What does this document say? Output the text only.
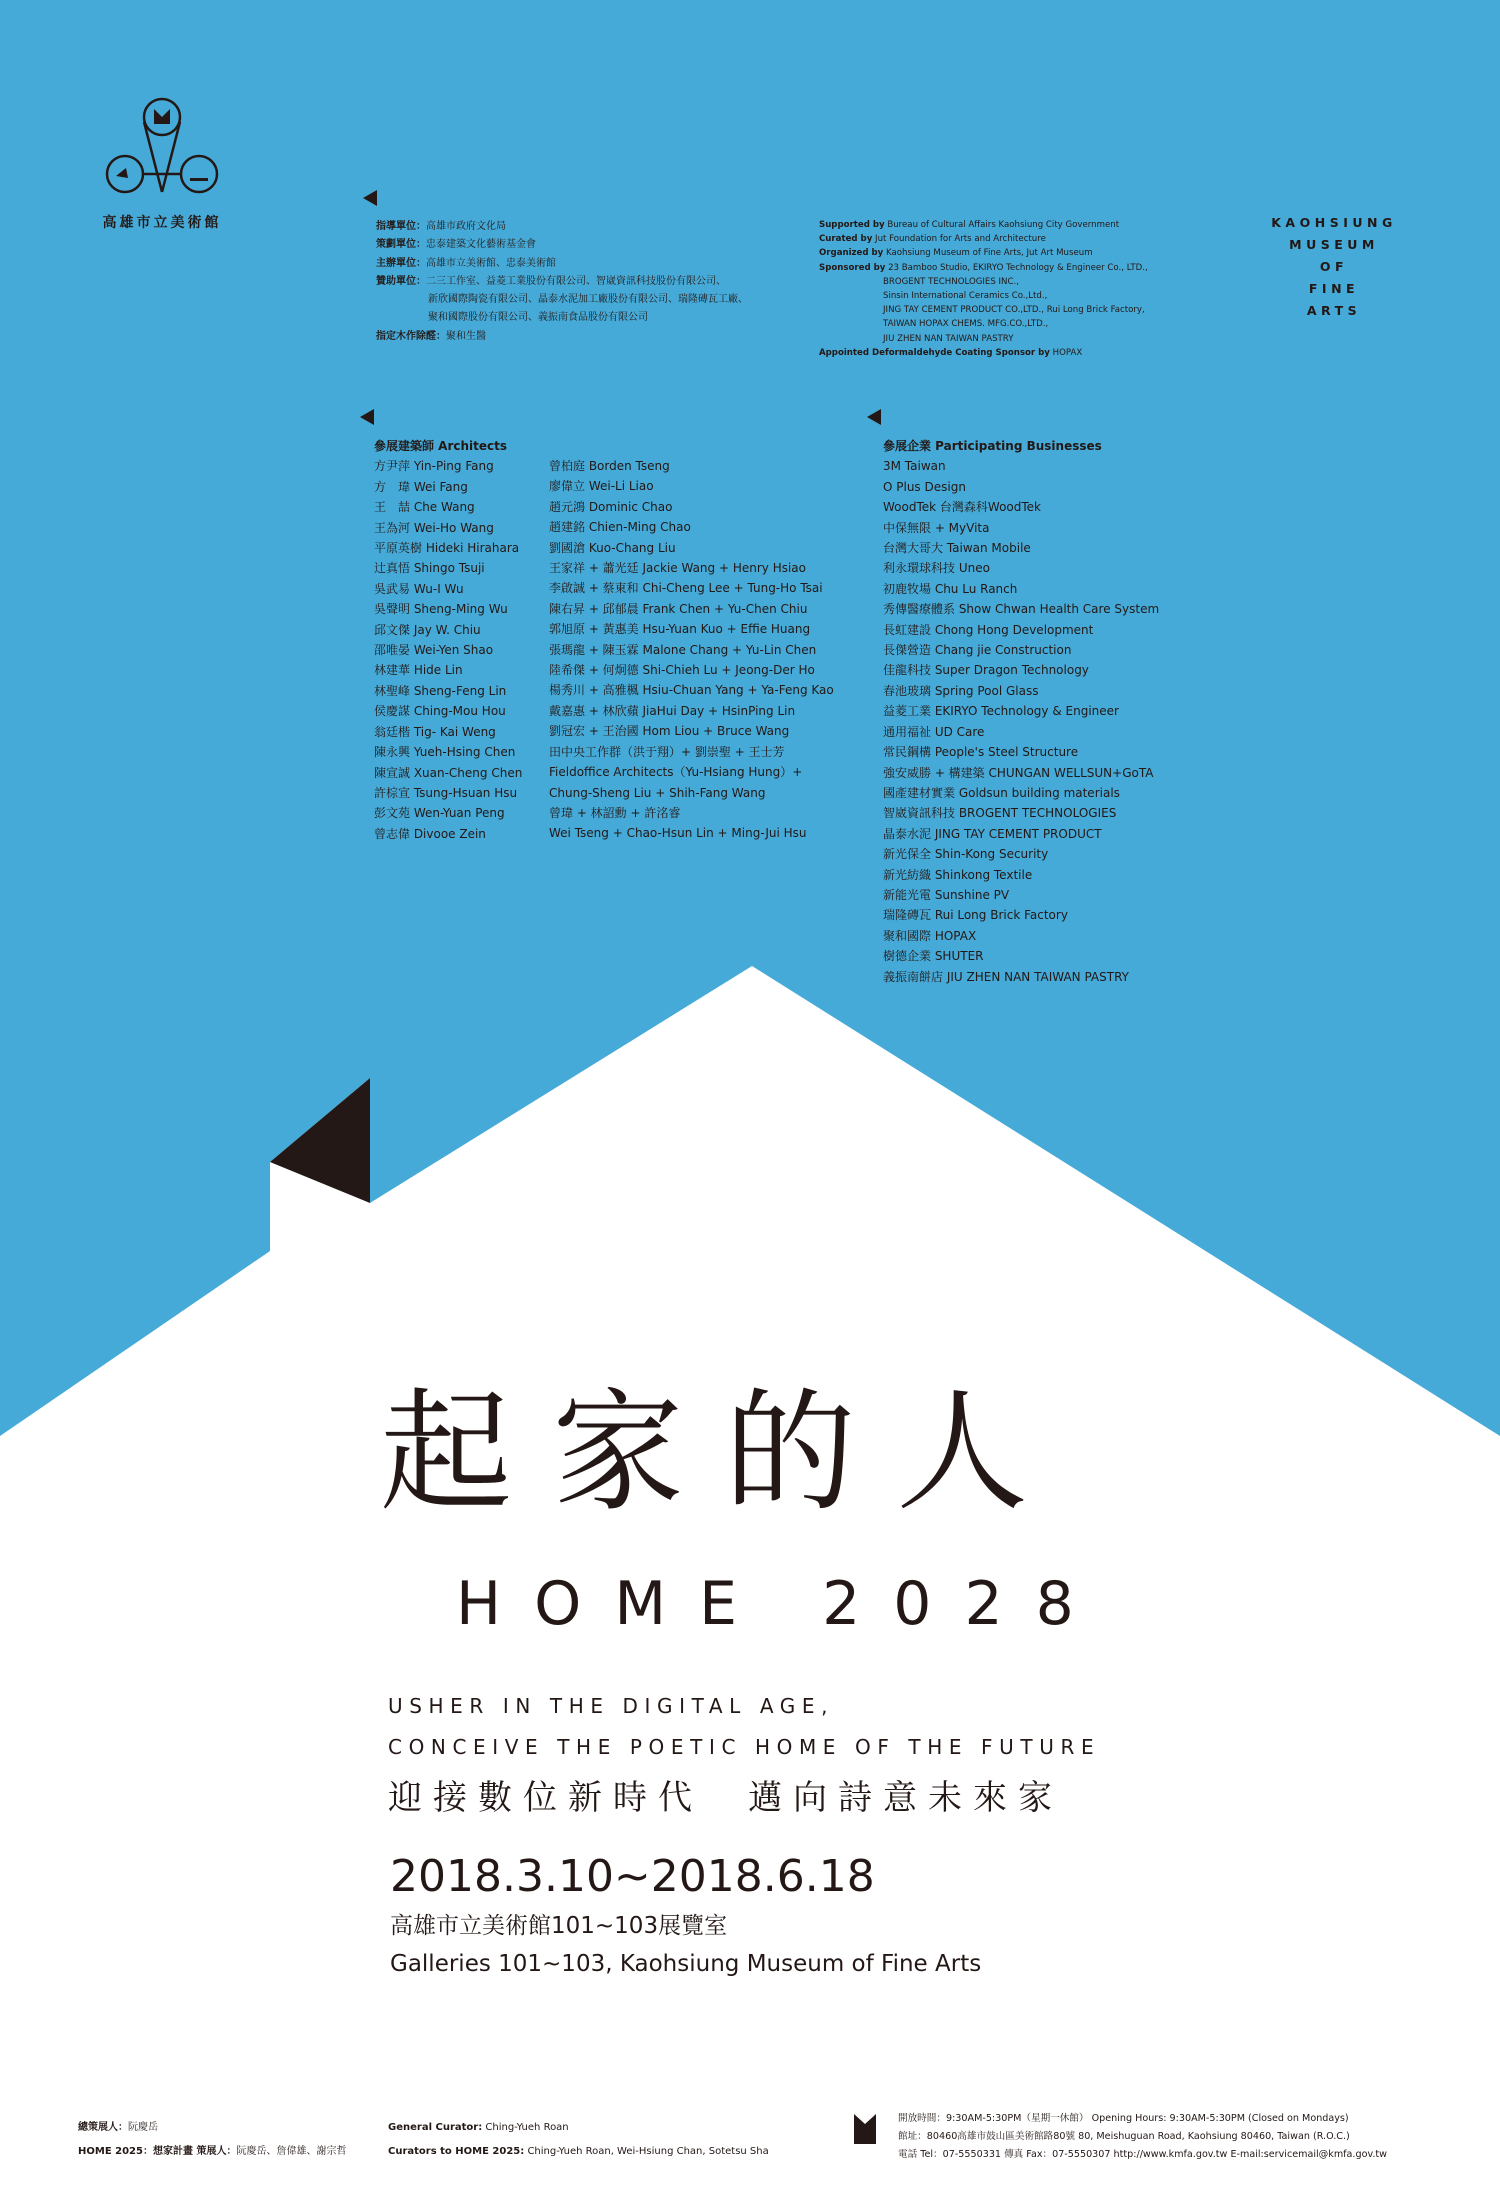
高雄市立美術館	指導單位： 高雄市政府文化局
策劃單位： 忠泰建築文化藝術基金會
主辦單位： 高雄市立美術館、忠泰美術館
贊助單位： 二三工作室、益菱工業股份有限公司、智崴資訊科技股份有限公司、
新欣國際陶瓷有限公司、晶泰水泥加工廠股份有限公司、瑞隆磚瓦工廠、
聚和國際股份有限公司、義振南食品股份有限公司
指定木作除醛： 聚和生醫
Supported by Bureau of Cultural Affairs Kaohsiung City Government
Curated by Jut Foundation for Arts and Architecture
Organized by Kaohsiung Museum of Fine Arts, Jut Art Museum
Sponsored by 23 Bamboo Studio, EKIRYO Technology & Engineer Co., LTD.,
BROGENT TECHNOLOGIES INC.,
Sinsin International Ceramics Co.,Ltd.,
JING TAY CEMENT PRODUCT CO.,LTD., Rui Long Brick Factory,
TAIWAN HOPAX CHEMS. MFG.CO.,LTD.,
JIU ZHEN NAN TAIWAN PASTRY
Appointed Deformaldehyde Coating Sponsor by HOPAX
KAOHSIUNG
MUSEUM
OF
FINE
ARTS
參展建築師 Architects
方尹萍 Yin-Ping Fang
方　瑋 Wei Fang
王　喆 Che Wang
王為河 Wei-Ho Wang
平原英樹 Hideki Hirahara
辻真悟 Shingo Tsuji
吳武易 Wu-I Wu
吳聲明 Sheng-Ming Wu
邱文傑 Jay W. Chiu
邵唯晏 Wei-Yen Shao
林建華 Hide Lin
林聖峰 Sheng-Feng Lin
侯慶謀 Ching-Mou Hou
翁廷楷 Tig- Kai Weng
陳永興 Yueh-Hsing Chen
陳宣誠 Xuan-Cheng Chen
許棕宣 Tsung-Hsuan Hsu
彭文苑 Wen-Yuan Peng
曾志偉 Divooe Zein
曾柏庭 Borden Tseng
廖偉立 Wei-Li Liao
趙元鴻 Dominic Chao
趙建銘 Chien-Ming Chao
劉國滄 Kuo-Chang Liu
王家祥 + 蕭光廷 Jackie Wang + Henry Hsiao
李啟誠 + 蔡東和 Chi-Cheng Lee + Tung-Ho Tsai
陳右昇 + 邱郁晨 Frank Chen + Yu-Chen Chiu
郭旭原 + 黃惠美 Hsu-Yuan Kuo + Effie Huang
張瑪龍 + 陳玉霖 Malone Chang + Yu-Lin Chen
陸希傑 + 何炯德 Shi-Chieh Lu + Jeong-Der Ho
楊秀川 + 高雅楓 Hsiu-Chuan Yang + Ya-Feng Kao
戴嘉惠 + 林欣蘋 JiaHui Day + HsinPing Lin
劉冠宏 + 王治國 Hom Liou + Bruce Wang
田中央工作群（洪于翔）+ 劉崇聖 + 王士芳
Fieldoffice Architects（Yu-Hsiang Hung）+
Chung-Sheng Liu + Shih-Fang Wang
曾瑋 + 林詔勳 + 許洺睿
Wei Tseng + Chao-Hsun Lin + Ming-Jui Hsu
參展企業 Participating Businesses
3M Taiwan
O Plus Design
WoodTek 台灣森科WoodTek
中保無限 + MyVita
台灣大哥大 Taiwan Mobile
利永環球科技 Uneo
初鹿牧場 Chu Lu Ranch
秀傳醫療體系 Show Chwan Health Care System
長虹建設 Chong Hong Development
長傑營造 Chang jie Construction
佳龍科技 Super Dragon Technology
春池玻璃 Spring Pool Glass
益菱工業 EKIRYO Technology & Engineer
通用福祉 UD Care
常民鋼構 People's Steel Structure
強安威勝 + 構建築 CHUNGAN WELLSUN+GoTA
國產建材實業 Goldsun building materials
智崴資訊科技 BROGENT TECHNOLOGIES
晶泰水泥 JING TAY CEMENT PRODUCT
新光保全 Shin-Kong Security
新光紡織 Shinkong Textile
新能光電 Sunshine PV
瑞隆磚瓦 Rui Long Brick Factory
聚和國際 HOPAX
樹德企業 SHUTER
義振南餅店 JIU ZHEN NAN TAIWAN PASTRY
起家的人
HOME 2028
USHER IN THE DIGITAL AGE,
CONCEIVE THE POETIC HOME OF THE FUTURE
迎接數位新時代　邁向詩意未來家
2018.3.10~2018.6.18
高雄市立美術館101~103展覽室
Galleries 101~103, Kaohsiung Museum of Fine Arts
總策展人：阮慶岳
HOME 2025：想家計畫 策展人：阮慶岳、詹偉雄、謝宗哲
General Curator: Ching-Yueh Roan
Curators to HOME 2025: Ching-Yueh Roan, Wei-Hsiung Chan, Sotetsu Sha
開放時間：9:30AM-5:30PM（星期一休館） Opening Hours: 9:30AM-5:30PM (Closed on Mondays)
館址：80460高雄市鼓山區美術館路80號 80, Meishuguan Road, Kaohsiung 80460, Taiwan (R.O.C.)
電話 Tel：07-5550331 傳真 Fax：07-5550307 http://www.kmfa.gov.tw E-mail:servicemail@kmfa.gov.tw
